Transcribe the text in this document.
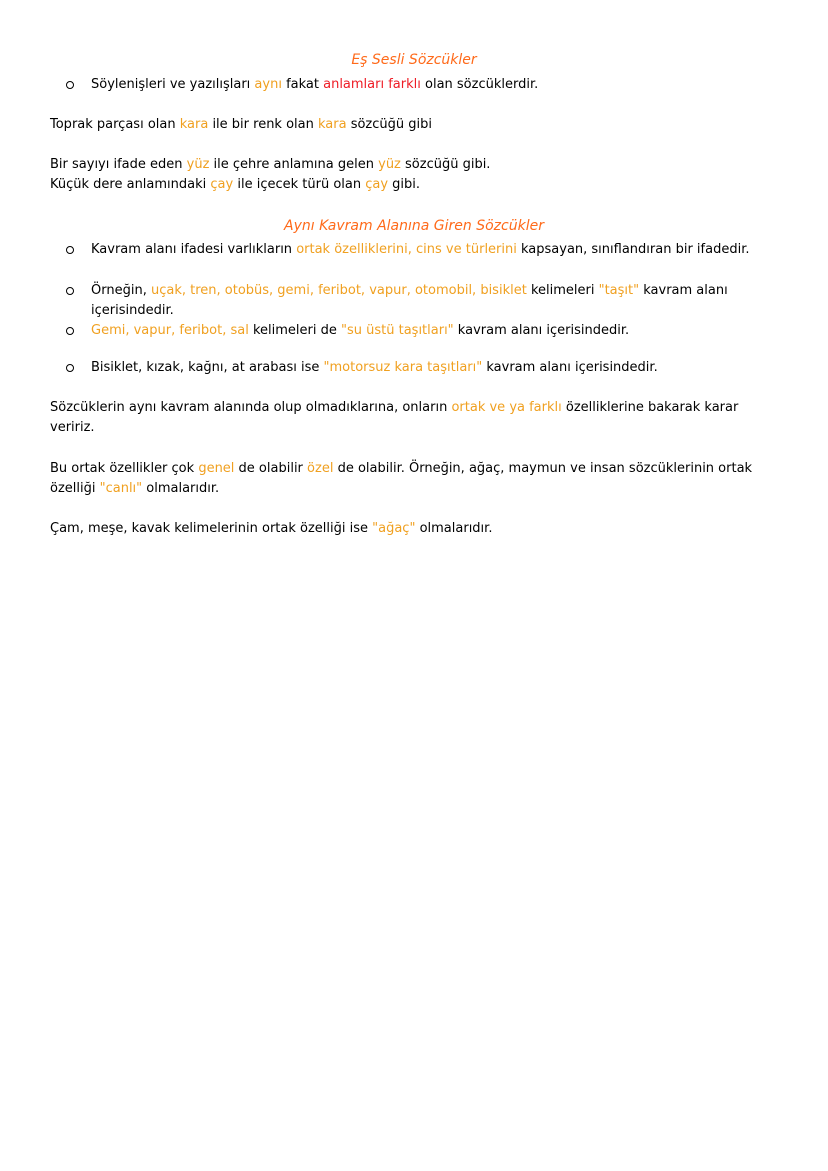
Eş Sesli Sözcükler
Söylenişleri ve yazılışları aynı fakat anlamları farklı olan sözcüklerdir.
Toprak parçası olan kara ile bir renk olan kara sözcüğü gibi
Bir sayıyı ifade eden yüz ile çehre anlamına gelen yüz sözcüğü gibi.
Küçük dere anlamındaki çay ile içecek türü olan çay gibi.
Aynı Kavram Alanına Giren Sözcükler
Kavram alanı ifadesi varlıkların ortak özelliklerini, cins ve türlerini kapsayan, sınıflandıran bir ifadedir.
Örneğin, uçak, tren, otobüs, gemi, feribot, vapur, otomobil, bisiklet kelimeleri "taşıt" kavram alanı içerisindedir.
Gemi, vapur, feribot, sal kelimeleri de "su üstü taşıtları" kavram alanı içerisindedir.
Bisiklet, kızak, kağnı, at arabası ise "motorsuz kara taşıtları" kavram alanı içerisindedir.
Sözcüklerin aynı kavram alanında olup olmadıklarına, onların ortak ve ya farklı özelliklerine bakarak karar veririz.
Bu ortak özellikler çok genel de olabilir özel de olabilir. Örneğin, ağaç, maymun ve insan sözcüklerinin ortak özelliği "canlı" olmalarıdır.
Çam, meşe, kavak kelimelerinin ortak özelliği ise "ağaç" olmalarıdır.
